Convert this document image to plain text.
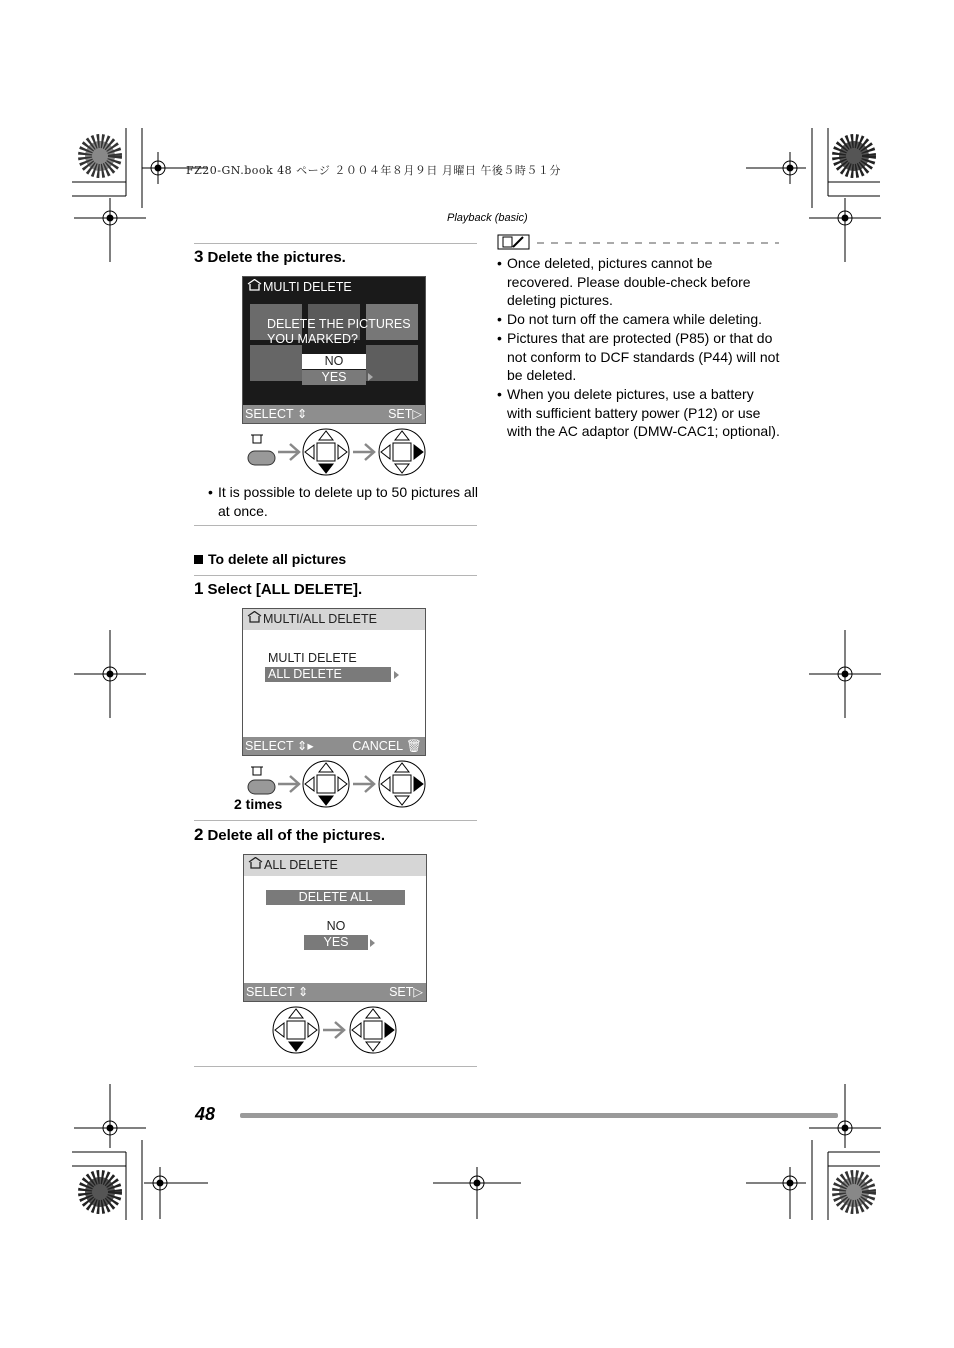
FZ20-GN.book 48 ページ ２００４年８月９日 月曜日 午後５時５１分
Playback (basic)
3 Delete the pictures.
MULTI DELETE
DELETE THE PICTURES
YOU MARKED?
NO
YES
SELECT ⇕	SET▷
• It is possible to delete up to 50 pictures all at once.
To delete all pictures
1 Select [ALL DELETE].
MULTI/ALL DELETE
MULTI DELETE
ALL DELETE
SELECT ⇕▸	CANCEL 🗑
2 times
2 Delete all of the pictures.
ALL DELETE
DELETE ALL PICTURES?
NO
YES
SELECT ⇕	SET▷
• Once deleted, pictures cannot be recovered. Please double-check before deleting pictures.
• Do not turn off the camera while deleting.
• Pictures that are protected (P85) or that do not conform to DCF standards (P44) will not be deleted.
• When you delete pictures, use a battery with sufficient battery power (P12) or use with the AC adaptor (DMW-CAC1; optional).
48
